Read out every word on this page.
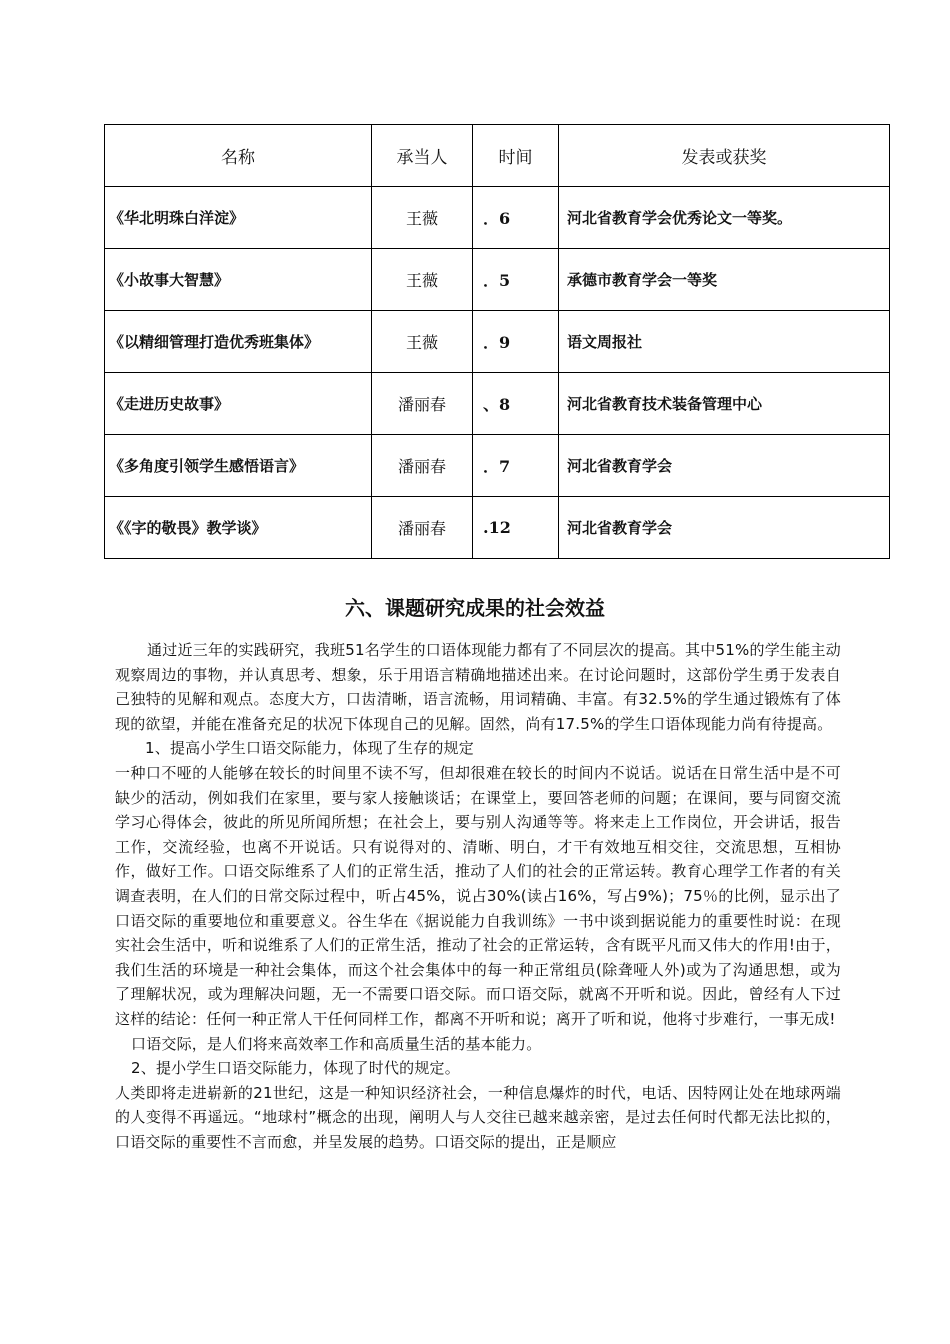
名称	承当人	时间	发表或获奖
《华北明珠白洋淀》	王薇	．6	河北省教育学会优秀论文一等奖。
《小故事大智慧》	王薇	．5	承德市教育学会一等奖
《以精细管理打造优秀班集体》	王薇	．9	语文周报社
《走进历史故事》	潘丽春	、8	河北省教育技术装备管理中心
《多角度引领学生感悟语言》	潘丽春	．7	河北省教育学会
《《字的敬畏》教学谈》	潘丽春	.12	河北省教育学会
六、课题研究成果的社会效益

通过近三年的实践研究，我班51名学生的口语体现能力都有了不同层次的提高。其中51%的学生能主动观察周边的事物，并认真思考、想象，乐于用语言精确地描述出来。在讨论问题时，这部份学生勇于发表自己独特的见解和观点。态度大方，口齿清晰，语言流畅，用词精确、丰富。有32.5%的学生通过锻炼有了体现的欲望，并能在准备充足的状况下体现自己的见解。固然，尚有17.5%的学生口语体现能力尚有待提高。

1、提高小学生口语交际能力，体现了生存的规定

一种口不哑的人能够在较长的时间里不读不写，但却很难在较长的时间内不说话。说话在日常生活中是不可缺少的活动，例如我们在家里，要与家人接触谈话；在课堂上，要回答老师的问题；在课间，要与同窗交流学习心得体会，彼此的所见所闻所想；在社会上，要与别人沟通等等。将来走上工作岗位，开会讲话，报告工作，交流经验，也离不开说话。只有说得对的、清晰、明白，才干有效地互相交往，交流思想，互相协作，做好工作。口语交际维系了人们的正常生活，推动了人们的社会的正常运转。教育心理学工作者的有关调查表明，在人们的日常交际过程中，听占45%，说占30%(读占16%，写占9%)；75％的比例，显示出了口语交际的重要地位和重要意义。谷生华在《据说能力自我训练》一书中谈到据说能力的重要性时说：在现实社会生活中，听和说维系了人们的正常生活，推动了社会的正常运转，含有既平凡而又伟大的作用!由于，我们生活的环境是一种社会集体，而这个社会集体中的每一种正常组员(除聋哑人外)或为了沟通思想，或为了理解状况，或为理解决问题，无一不需要口语交际。而口语交际，就离不开听和说。因此，曾经有人下过这样的结论：任何一种正常人干任何同样工作，都离不开听和说；离开了听和说，他将寸步难行，一事无成!

口语交际，是人们将来高效率工作和高质量生活的基本能力。

2、提小学生口语交际能力，体现了时代的规定。

人类即将走进崭新的21世纪，这是一种知识经济社会，一种信息爆炸的时代，电话、因特网让处在地球两端的人变得不再遥远。“地球村”概念的出现，阐明人与人交往已越来越亲密，是过去任何时代都无法比拟的，口语交际的重要性不言而愈，并呈发展的趋势。口语交际的提出，正是顺应
